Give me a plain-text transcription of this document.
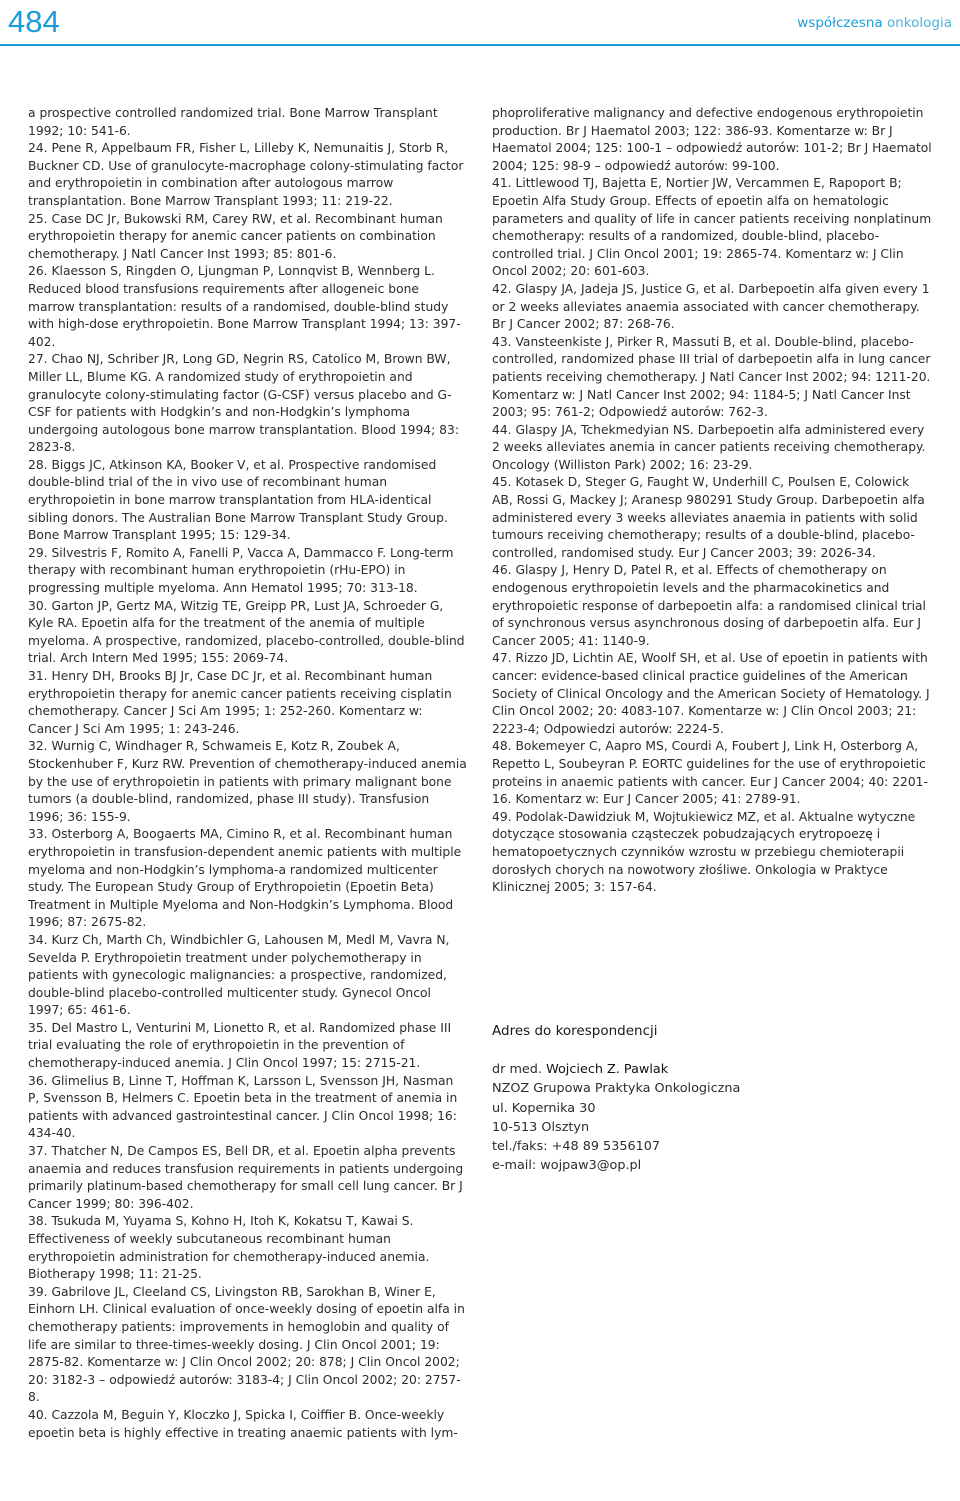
484	współczesna onkologia
a prospective controlled randomized trial. Bone Marrow Transplant 1992; 10: 541-6.
24. Pene R, Appelbaum FR, Fisher L, Lilleby K, Nemunaitis J, Storb R, Buckner CD. Use of granulocyte-macrophage colony-stimulating factor and erythropoietin in combination after autologous marrow transplantation. Bone Marrow Transplant 1993; 11: 219-22.
25. Case DC Jr, Bukowski RM, Carey RW, et al. Recombinant human erythropoietin therapy for anemic cancer patients on combination chemotherapy. J Natl Cancer Inst 1993; 85: 801-6.
26. Klaesson S, Ringden O, Ljungman P, Lonnqvist B, Wennberg L. Reduced blood transfusions requirements after allogeneic bone marrow transplantation: results of a randomised, double-blind study with high-dose erythropoietin. Bone Marrow Transplant 1994; 13: 397-402.
27. Chao NJ, Schriber JR, Long GD, Negrin RS, Catolico M, Brown BW, Miller LL, Blume KG. A randomized study of erythropoietin and granulocyte colony-stimulating factor (G-CSF) versus placebo and G-CSF for patients with Hodgkin’s and non-Hodgkin’s lymphoma undergoing autologous bone marrow transplantation. Blood 1994; 83: 2823-8.
28. Biggs JC, Atkinson KA, Booker V, et al. Prospective randomised double-blind trial of the in vivo use of recombinant human erythropoietin in bone marrow transplantation from HLA-identical sibling donors. The Australian Bone Marrow Transplant Study Group. Bone Marrow Transplant 1995; 15: 129-34.
29. Silvestris F, Romito A, Fanelli P, Vacca A, Dammacco F. Long-term therapy with recombinant human erythropoietin (rHu-EPO) in progressing multiple myeloma. Ann Hematol 1995; 70: 313-18.
30. Garton JP, Gertz MA, Witzig TE, Greipp PR, Lust JA, Schroeder G, Kyle RA. Epoetin alfa for the treatment of the anemia of multiple myeloma. A prospective, randomized, placebo-controlled, double-blind trial. Arch Intern Med 1995; 155: 2069-74.
31. Henry DH, Brooks BJ Jr, Case DC Jr, et al. Recombinant human erythropoietin therapy for anemic cancer patients receiving cisplatin chemotherapy. Cancer J Sci Am 1995; 1: 252-260. Komentarz w: Cancer J Sci Am 1995; 1: 243-246.
32. Wurnig C, Windhager R, Schwameis E, Kotz R, Zoubek A, Stockenhuber F, Kurz RW. Prevention of chemotherapy-induced anemia by the use of erythropoietin in patients with primary malignant bone tumors (a double-blind, randomized, phase III study). Transfusion 1996; 36: 155-9.
33. Osterborg A, Boogaerts MA, Cimino R, et al. Recombinant human erythropoietin in transfusion-dependent anemic patients with multiple myeloma and non-Hodgkin’s lymphoma-a randomized multicenter study. The European Study Group of Erythropoietin (Epoetin Beta) Treatment in Multiple Myeloma and Non-Hodgkin’s Lymphoma. Blood 1996; 87: 2675-82.
34. Kurz Ch, Marth Ch, Windbichler G, Lahousen M, Medl M, Vavra N, Sevelda P. Erythropoietin treatment under polychemotherapy in patients with gynecologic malignancies: a prospective, randomized, double-blind placebo-controlled multicenter study. Gynecol Oncol 1997; 65: 461-6.
35. Del Mastro L, Venturini M, Lionetto R, et al. Randomized phase III trial evaluating the role of erythropoietin in the prevention of chemotherapy-induced anemia. J Clin Oncol 1997; 15: 2715-21.
36. Glimelius B, Linne T, Hoffman K, Larsson L, Svensson JH, Nasman P, Svensson B, Helmers C. Epoetin beta in the treatment of anemia in patients with advanced gastrointestinal cancer. J Clin Oncol 1998; 16: 434-40.
37. Thatcher N, De Campos ES, Bell DR, et al. Epoetin alpha prevents anaemia and reduces transfusion requirements in patients undergoing primarily platinum-based chemotherapy for small cell lung cancer. Br J Cancer 1999; 80: 396-402.
38. Tsukuda M, Yuyama S, Kohno H, Itoh K, Kokatsu T, Kawai S. Effectiveness of weekly subcutaneous recombinant human erythropoietin administration for chemotherapy-induced anemia. Biotherapy 1998; 11: 21-25.
39. Gabrilove JL, Cleeland CS, Livingston RB, Sarokhan B, Winer E, Einhorn LH. Clinical evaluation of once-weekly dosing of epoetin alfa in chemotherapy patients: improvements in hemoglobin and quality of life are similar to three-times-weekly dosing. J Clin Oncol 2001; 19: 2875-82. Komentarze w: J Clin Oncol 2002; 20: 878; J Clin Oncol 2002; 20: 3182-3 – odpowiedź autorów: 3183-4; J Clin Oncol 2002; 20: 2757-8.
40. Cazzola M, Beguin Y, Kloczko J, Spicka I, Coiffier B. Once-weekly epoetin beta is highly effective in treating anaemic patients with lym-
phoproliferative malignancy and defective endogenous erythropoietin production. Br J Haematol 2003; 122: 386-93. Komentarze w: Br J Haematol 2004; 125: 100-1 – odpowiedź autorów: 101-2; Br J Haematol 2004; 125: 98-9 – odpowiedź autorów: 99-100.
41. Littlewood TJ, Bajetta E, Nortier JW, Vercammen E, Rapoport B; Epoetin Alfa Study Group. Effects of epoetin alfa on hematologic parameters and quality of life in cancer patients receiving nonplatinum chemotherapy: results of a randomized, double-blind, placebo-controlled trial. J Clin Oncol 2001; 19: 2865-74. Komentarz w: J Clin Oncol 2002; 20: 601-603.
42. Glaspy JA, Jadeja JS, Justice G, et al. Darbepoetin alfa given every 1 or 2 weeks alleviates anaemia associated with cancer chemotherapy. Br J Cancer 2002; 87: 268-76.
43. Vansteenkiste J, Pirker R, Massuti B, et al. Double-blind, placebo-controlled, randomized phase III trial of darbepoetin alfa in lung cancer patients receiving chemotherapy. J Natl Cancer Inst 2002; 94: 1211-20. Komentarz w: J Natl Cancer Inst 2002; 94: 1184-5; J Natl Cancer Inst 2003; 95: 761-2; Odpowiedź autorów: 762-3.
44. Glaspy JA, Tchekmedyian NS. Darbepoetin alfa administered every 2 weeks alleviates anemia in cancer patients receiving chemotherapy. Oncology (Williston Park) 2002; 16: 23-29.
45. Kotasek D, Steger G, Faught W, Underhill C, Poulsen E, Colowick AB, Rossi G, Mackey J; Aranesp 980291 Study Group. Darbepoetin alfa administered every 3 weeks alleviates anaemia in patients with solid tumours receiving chemotherapy; results of a double-blind, placebo-controlled, randomised study. Eur J Cancer 2003; 39: 2026-34.
46. Glaspy J, Henry D, Patel R, et al. Effects of chemotherapy on endogenous erythropoietin levels and the pharmacokinetics and erythropoietic response of darbepoetin alfa: a randomised clinical trial of synchronous versus asynchronous dosing of darbepoetin alfa. Eur J Cancer 2005; 41: 1140-9.
47. Rizzo JD, Lichtin AE, Woolf SH, et al. Use of epoetin in patients with cancer: evidence-based clinical practice guidelines of the American Society of Clinical Oncology and the American Society of Hematology. J Clin Oncol 2002; 20: 4083-107. Komentarze w: J Clin Oncol 2003; 21: 2223-4; Odpowiedzi autorów: 2224-5.
48. Bokemeyer C, Aapro MS, Courdi A, Foubert J, Link H, Osterborg A, Repetto L, Soubeyran P. EORTC guidelines for the use of erythropoietic proteins in anaemic patients with cancer. Eur J Cancer 2004; 40: 2201-16. Komentarz w: Eur J Cancer 2005; 41: 2789-91.
49. Podolak-Dawidziuk M, Wojtukiewicz MZ, et al. Aktualne wytyczne dotyczące stosowania cząsteczek pobudzających erytropoezę i hematopoetycznych czynników wzrostu w przebiegu chemioterapii dorosłych chorych na nowotwory złośliwe. Onkologia w Praktyce Klinicznej 2005; 3: 157-64.
Adres do korespondencji
dr med. Wojciech Z. Pawlak
NZOZ Grupowa Praktyka Onkologiczna
ul. Kopernika 30
10-513 Olsztyn
tel./faks: +48 89 5356107
e-mail: wojpaw3@op.pl
